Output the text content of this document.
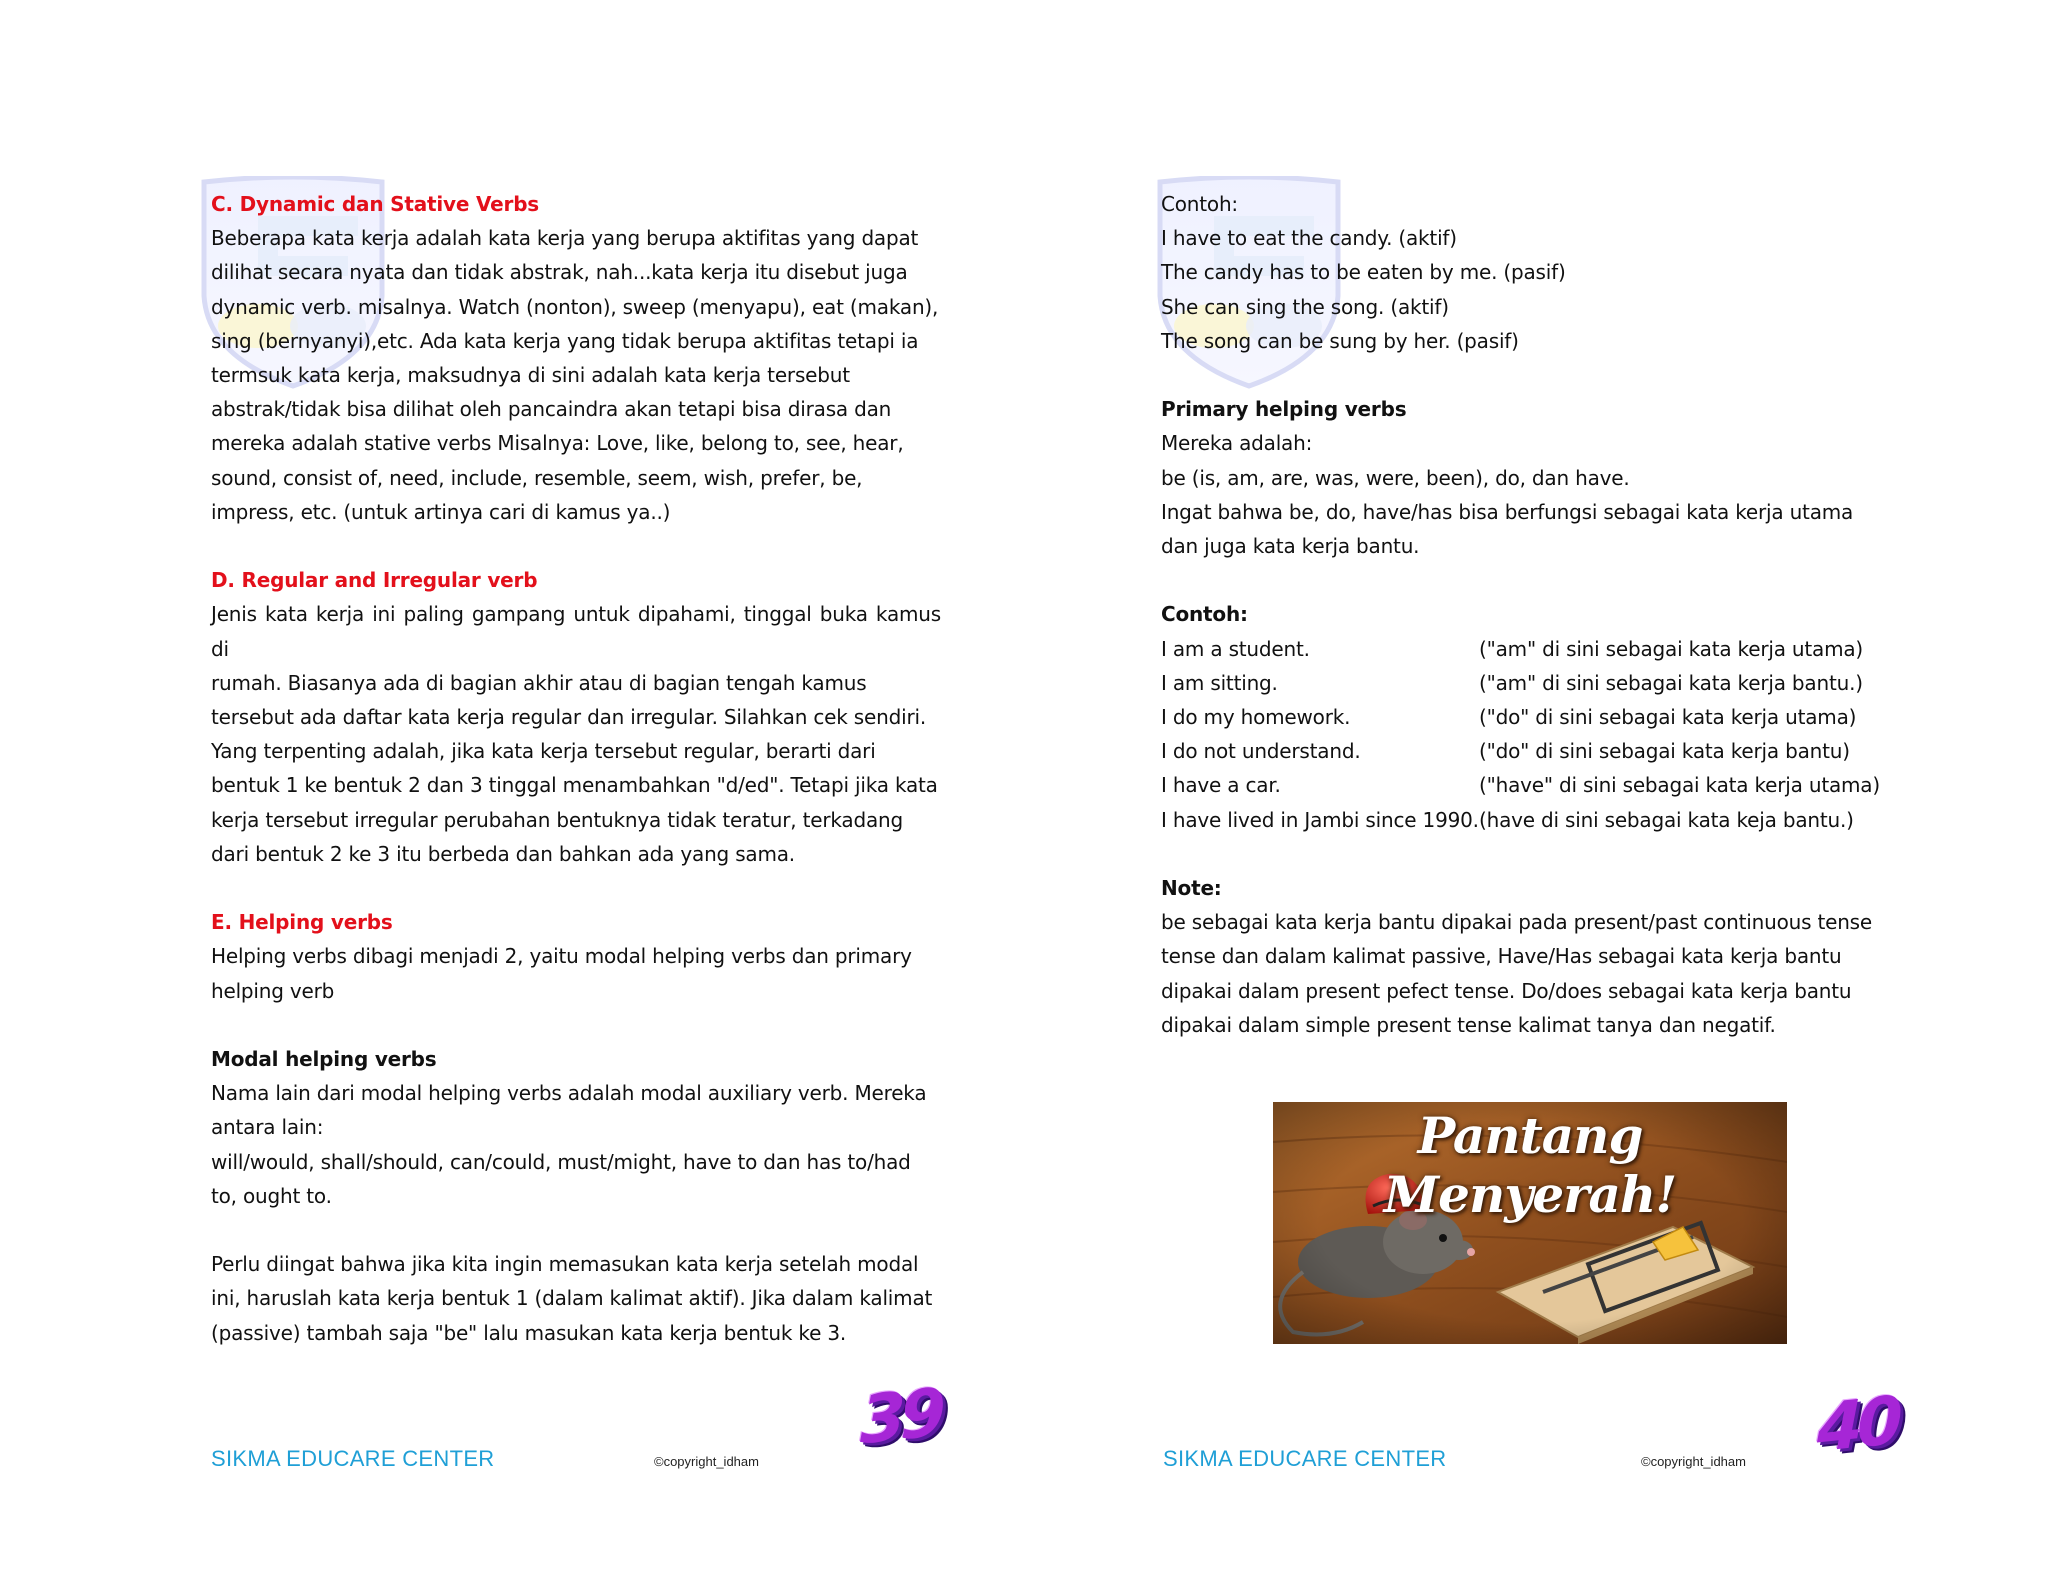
C. Dynamic dan Stative Verbs

Beberapa kata kerja adalah kata kerja yang berupa aktifitas yang dapat

dilihat secara nyata dan tidak abstrak, nah...kata kerja itu disebut juga

dynamic verb. misalnya. Watch (nonton), sweep (menyapu), eat (makan),

sing (bernyanyi),etc. Ada kata kerja yang tidak berupa aktifitas tetapi ia

termsuk kata kerja, maksudnya di sini adalah kata kerja tersebut

abstrak/tidak bisa dilihat oleh pancaindra akan tetapi bisa dirasa dan

mereka adalah stative verbs Misalnya: Love, like, belong to, see, hear,

sound, consist of, need, include, resemble, seem, wish, prefer, be,

impress, etc. (untuk artinya cari di kamus ya..)

D. Regular and Irregular verb

Jenis kata kerja ini paling gampang untuk dipahami, tinggal buka kamus di

rumah. Biasanya ada di bagian akhir atau di bagian tengah kamus

tersebut ada daftar kata kerja regular dan irregular. Silahkan cek sendiri.

Yang terpenting adalah, jika kata kerja tersebut regular, berarti dari

bentuk 1 ke bentuk 2 dan 3 tinggal menambahkan "d/ed". Tetapi jika kata

kerja tersebut irregular perubahan bentuknya tidak teratur, terkadang

dari bentuk 2 ke 3 itu berbeda dan bahkan ada yang sama.

E. Helping verbs

Helping verbs dibagi menjadi 2, yaitu modal helping verbs dan primary

helping verb

Modal helping verbs

Nama lain dari modal helping verbs adalah modal auxiliary verb. Mereka

antara lain:

will/would, shall/should, can/could, must/might, have to dan has to/had

to, ought to.

Perlu diingat bahwa jika kita ingin memasukan kata kerja setelah modal

ini, haruslah kata kerja bentuk 1 (dalam kalimat aktif). Jika dalam kalimat

(passive) tambah saja "be" lalu masukan kata kerja bentuk ke 3.

SIKMA EDUCARE CENTER	©copyright_idham
39

Contoh:

I have to eat the candy. (aktif)

The candy has to be eaten by me. (pasif)

She can sing the song. (aktif)

The song can be sung by her. (pasif)

Primary helping verbs

Mereka adalah:

be (is, am, are, was, were, been), do, dan have.

Ingat bahwa be, do, have/has bisa berfungsi sebagai kata kerja utama

dan juga kata kerja bantu.

Contoh:

I am a student.	("am" di sini sebagai kata kerja utama)
I am sitting.	("am" di sini sebagai kata kerja bantu.)
I do my homework.	("do" di sini sebagai kata kerja utama)
I do not understand.	("do" di sini sebagai kata kerja bantu)
I have a car.	("have" di sini sebagai kata kerja utama)
I have lived in Jambi since 1990. (have di sini sebagai kata keja bantu.)

Note:

be sebagai kata kerja bantu dipakai pada present/past continuous tense

tense dan dalam kalimat passive, Have/Has sebagai kata kerja bantu

dipakai dalam present pefect tense. Do/does sebagai kata kerja bantu

dipakai dalam simple present tense kalimat tanya dan negatif.

Pantang Menyerah!
SIKMA EDUCARE CENTER	©copyright_idham 40
